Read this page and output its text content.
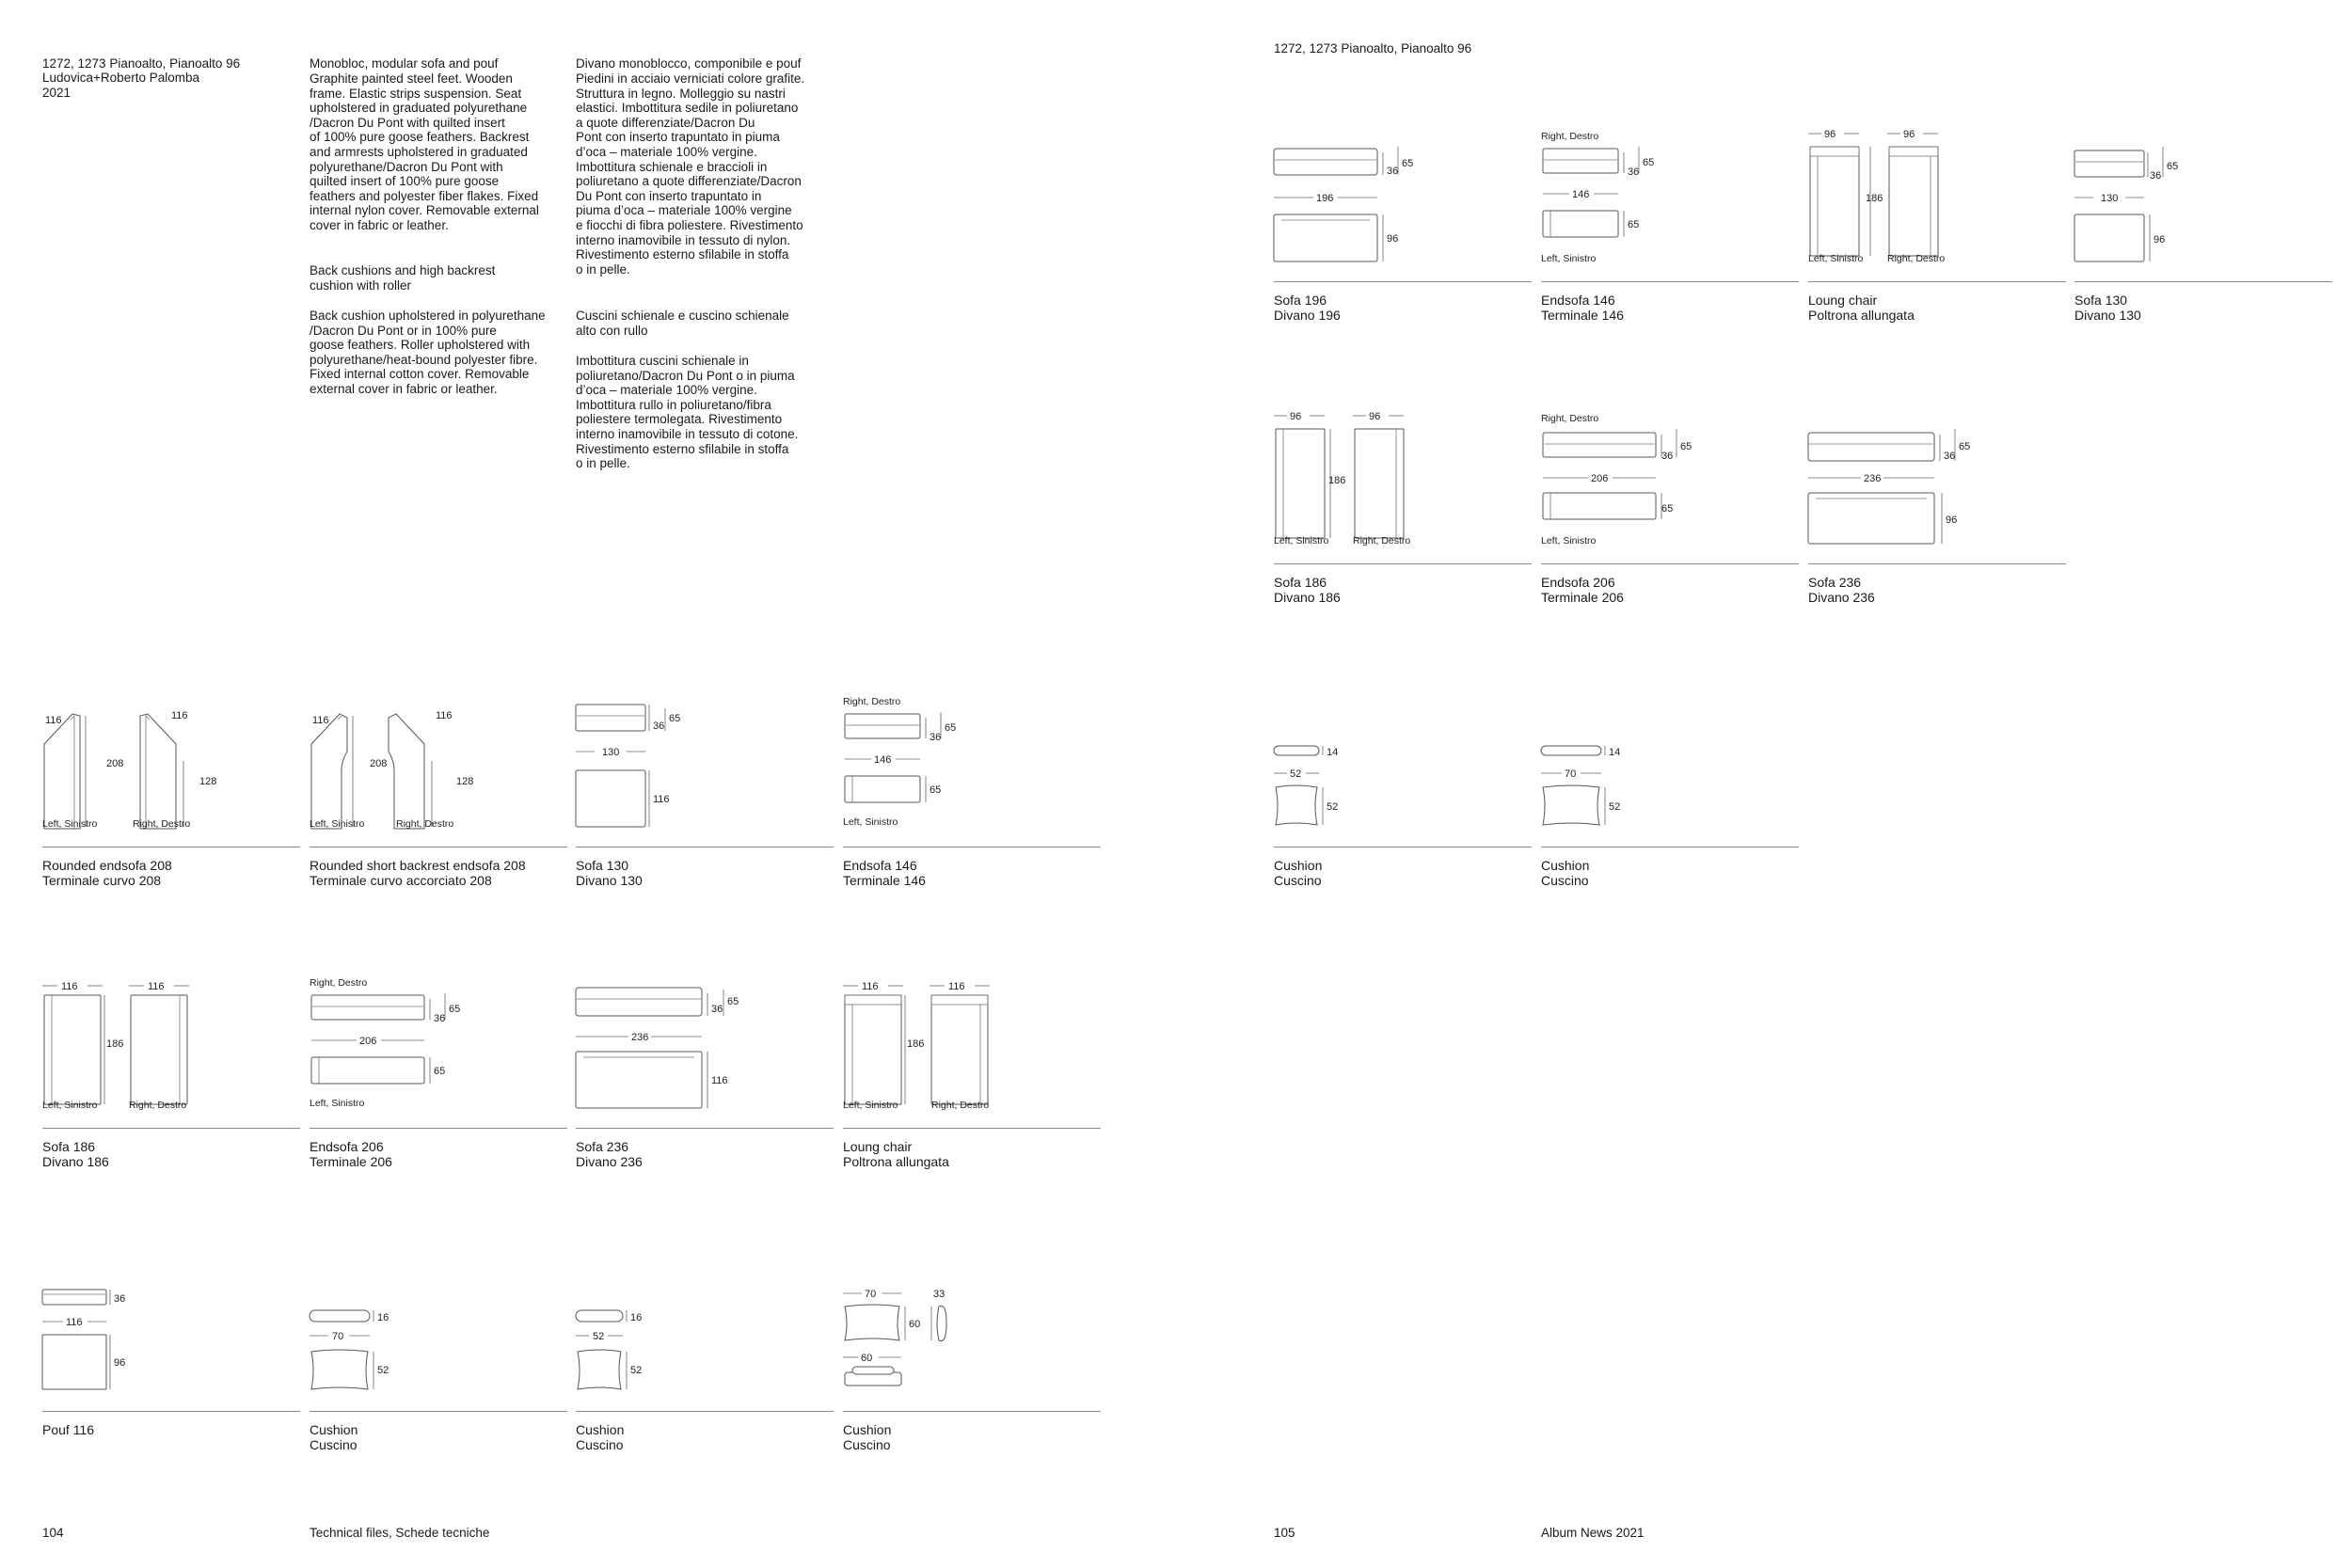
1272, 1273 Pianoalto, Pianoalto 96
Ludovica+Roberto Palomba
2021

Monobloc, modular sofa and pouf

Graphite painted steel feet. Wooden
frame. Elastic strips suspension. Seat
upholstered in graduated polyurethane
/Dacron Du Pont with quilted insert
of 100% pure goose feathers. Backrest
and armrests upholstered in graduated
polyurethane/Dacron Du Pont with
quilted insert of 100% pure goose
feathers and polyester fiber flakes. Fixed
internal nylon cover. Removable external
cover in fabric or leather.

Back cushions and high backrest
cushion with roller

Back cushion upholstered in polyurethane
/Dacron Du Pont or in 100% pure
goose feathers. Roller upholstered with
polyurethane/heat-bound polyester fibre.
Fixed internal cotton cover. Removable
external cover in fabric or leather.

Divano monoblocco, componibile e pouf

Piedini in acciaio verniciati colore grafite.
Struttura in legno. Molleggio su nastri
elastici. Imbottitura sedile in poliuretano
a quote differenziate/Dacron Du
Pont con inserto trapuntato in piuma
d’oca – materiale 100% vergine.
Imbottitura schienale e braccioli in
poliuretano a quote differenziate/Dacron
Du Pont con inserto trapuntato in
piuma d’oca – materiale 100% vergine
e fiocchi di fibra poliestere. Rivestimento
interno inamovibile in tessuto di nylon.
Rivestimento esterno sfilabile in stoffa
o in pelle.

Cuscini schienale e cuscino schienale
alto con rullo

Imbottitura cuscini schienale in
poliuretano/Dacron Du Pont o in piuma
d’oca – materiale 100% vergine.
Imbottitura rullo in poliuretano/fibra
poliestere termolegata. Rivestimento
interno inamovibile in tessuto di cotone.
Rivestimento esterno sfilabile in stoffa
o in pelle.

116
208
116
128
Left, Sinistro	Right, Destro
Rounded endsofa 208
Terminale curvo 208
116
208
116
128
Left, Sinistro	Right, Destro
Rounded short backrest endsofa 208
Terminale curvo accorciato 208
36
65
130
116
Sofa 130
Divano 130
Right, Destro
36
65
146
65
Left, Sinistro
Endsofa 146
Terminale 146
116
186
116
Left, Sinistro	Right, Destro
Sofa 186
Divano 186
Right, Destro
36
65
206
65
Left, Sinistro
Endsofa 206
Terminale 206
36
65
236
116
Sofa 236
Divano 236
116
186
116
Left, Sinistro	Right, Destro
Loung chair
Poltrona allungata
36
116
96
Pouf 116
16
70
52
Cushion
Cuscino
16
52
52
Cushion
Cuscino
70
60
33
60
Cushion
Cuscino
104	Technical files, Schede tecniche
1272, 1273 Pianoalto, Pianoalto 96
36
65
196
96
Sofa 196
Divano 196
Right, Destro
36
65
146
65
Left, Sinistro
Endsofa 146
Terminale 146
96
186
96
Left, Sinistro Right, Destro
Loung chair
Poltrona allungata
36
65
130
96
Sofa 130
Divano 130
96
186
96
Left, Sinistro Right, Destro
Sofa 186
Divano 186
Right, Destro
36
65
206
65
Left, Sinistro
Endsofa 206
Terminale 206
36
65
236
96
Sofa 236
Divano 236
14
52
52
Cushion
Cuscino
14
70
52
Cushion
Cuscino
105	Album News 2021
